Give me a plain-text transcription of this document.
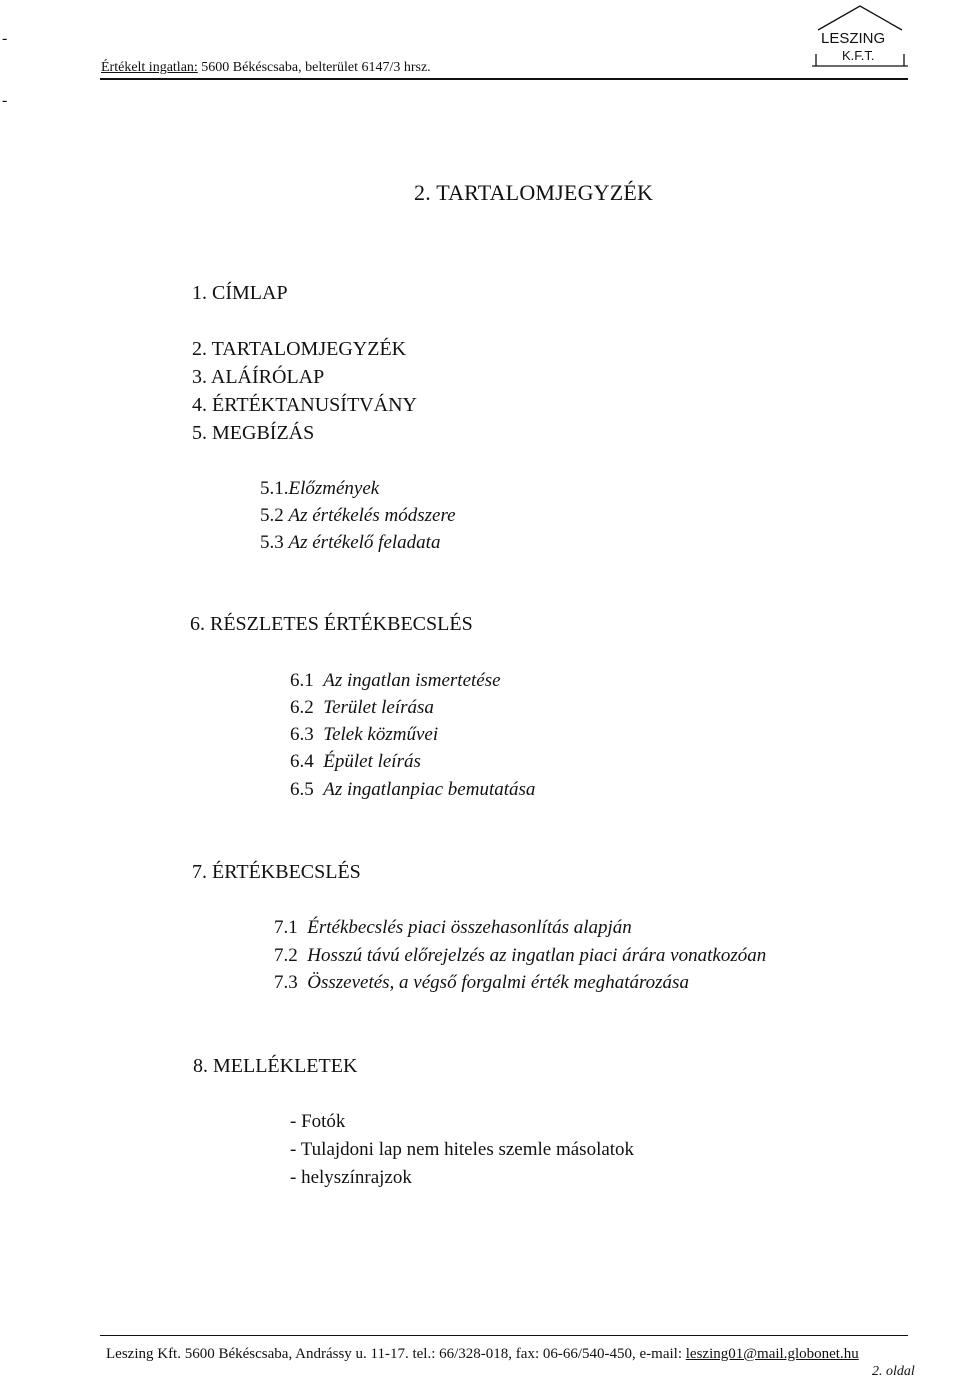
-
-
Értékelt ingatlan: 5600 Békéscsaba, belterület 6147/3 hrsz.
LESZING
K.F.T.
2. TARTALOMJEGYZÉK
1. CÍMLAP
2. TARTALOMJEGYZÉK
3. ALÁÍRÓLAP
4. ÉRTÉKTANUSÍTVÁNY
5. MEGBÍZÁS
5.1.Előzmények
5.2 Az értékelés módszere
5.3 Az értékelő feladata
6. RÉSZLETES ÉRTÉKBECSLÉS
6.1 Az ingatlan ismertetése
6.2 Terület leírása
6.3 Telek közművei
6.4 Épület leírás
6.5 Az ingatlanpiac bemutatása
7. ÉRTÉKBECSLÉS
7.1 Értékbecslés piaci összehasonlítás alapján
7.2 Hosszú távú előrejelzés az ingatlan piaci árára vonatkozóan
7.3 Összevetés, a végső forgalmi érték meghatározása
8. MELLÉKLETEK
- Fotók
- Tulajdoni lap nem hiteles szemle másolatok
- helyszínrajzok
Leszing Kft. 5600 Békéscsaba, Andrássy u. 11-17. tel.: 66/328-018, fax: 06-66/540-450, e-mail: leszing01@mail.globonet.hu
2. oldal
